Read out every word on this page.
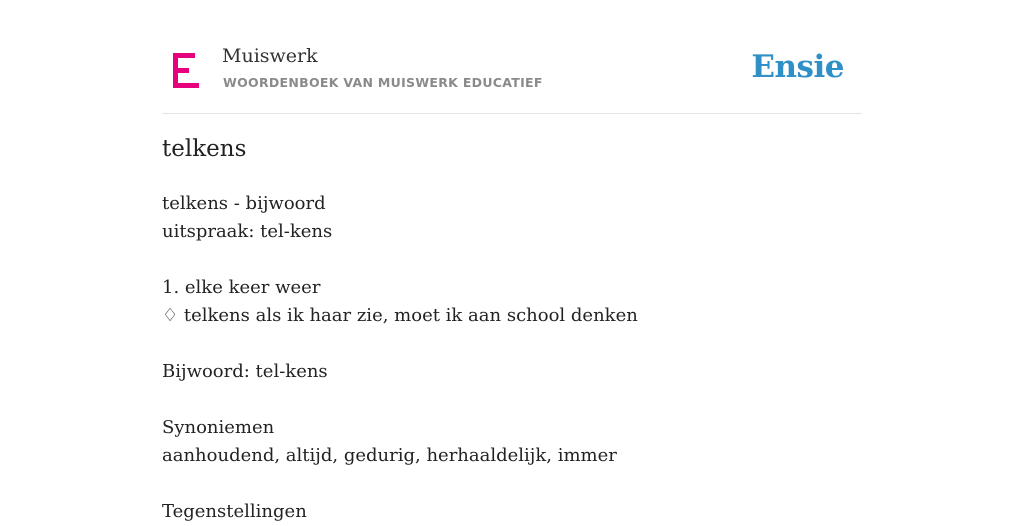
Muiswerk
WOORDENBOEK VAN MUISWERK EDUCATIEF	Ensie
telkens
telkens - bijwoord
uitspraak: tel-kens
1. elke keer weer
♢ telkens als ik haar zie, moet ik aan school denken
Bijwoord: tel-kens
Synoniemen
aanhoudend, altijd, gedurig, herhaaldelijk, immer
Tegenstellingen
